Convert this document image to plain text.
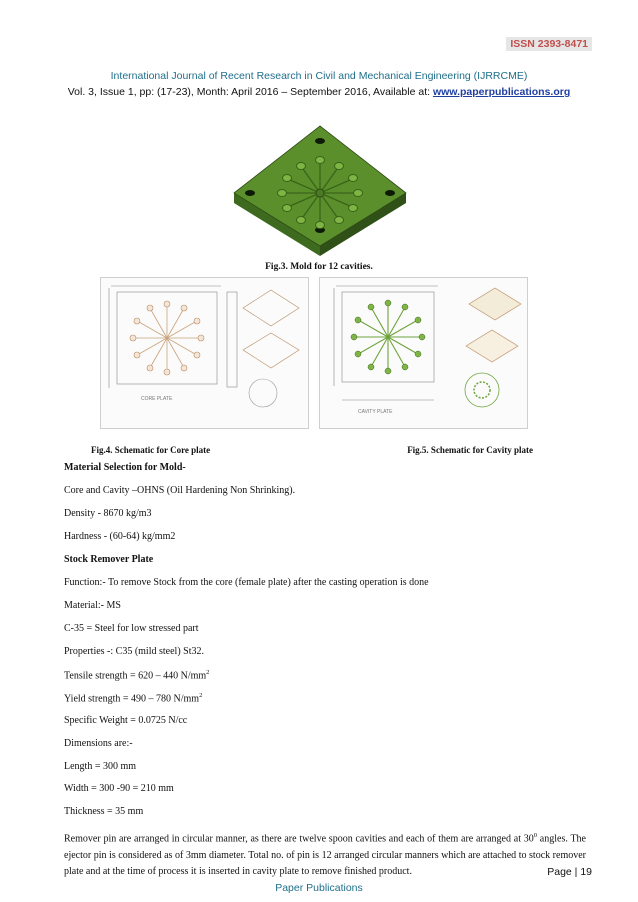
ISSN 2393-8471
International Journal of Recent Research in Civil and Mechanical Engineering (IJRRCME)
Vol. 3, Issue 1, pp: (17-23), Month: April 2016 – September 2016, Available at: www.paperpublications.org
Fig.3. Mold for 12 cavities.
CORE PLATE
CAVITY PLATE
Fig.4. Schematic for Core plate	Fig.5. Schematic for Cavity plate
Material Selection for Mold-
Core and Cavity –OHNS (Oil Hardening Non Shrinking).
Density - 8670 kg/m3
Hardness - (60-64) kg/mm2
Stock Remover Plate
Function:- To remove Stock from the core (female plate) after the casting operation is done
Material:- MS
C-35 = Steel for low stressed part
Properties -: C35 (mild steel) St32.
Tensile strength = 620 – 440 $N/mm^2$
Yield strength = 490 – 780 $N/mm^2$
Specific Weight = 0.0725 N/cc
Dimensions are:-
Length = 300 mm
Width = 300 -90 = 210 mm
Thickness = 35 mm
Remover pin are arranged in circular manner, as there are twelve spoon cavities and each of them are arranged at $30^0$ angles. The ejector pin is considered as of 3mm diameter. Total no. of pin is 12 arranged circular manners which are attached to stock remover plate and at the time of process it is inserted in cavity plate to remove finished product.	Page | 19
Paper Publications
